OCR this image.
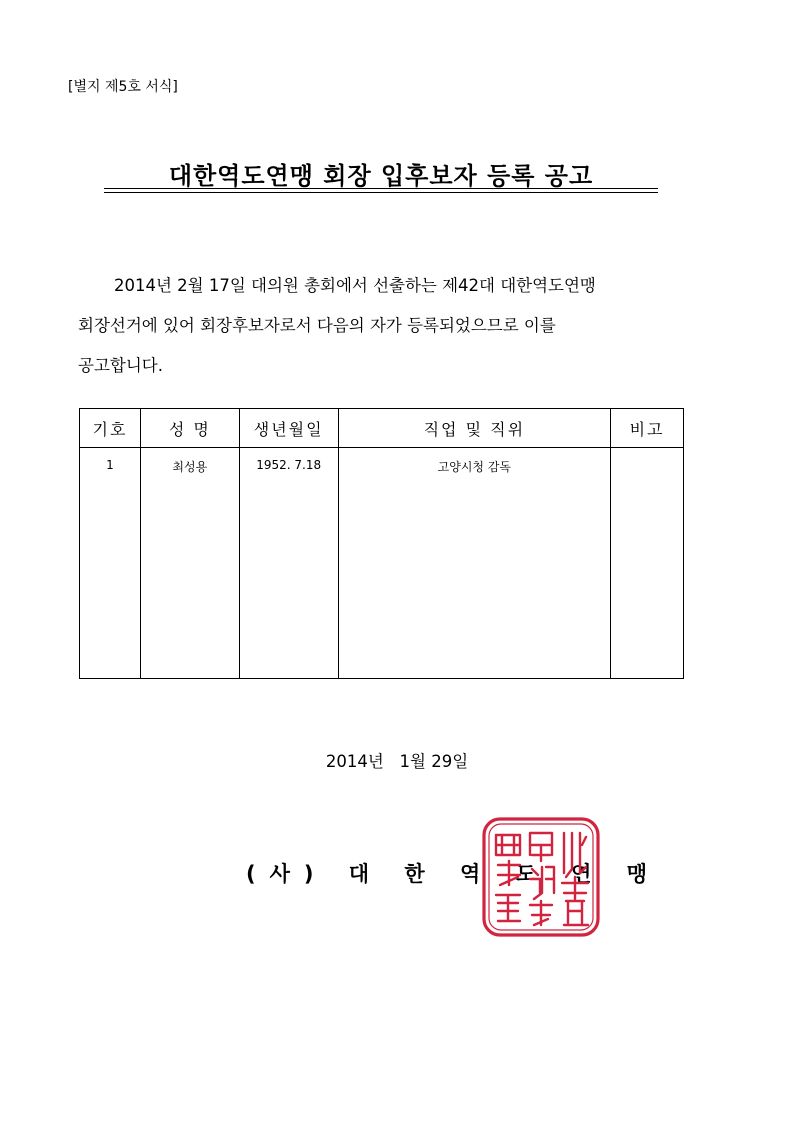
[별지 제5호 서식]
대한역도연맹 회장 입후보자 등록 공고
2014년 2월 17일 대의원 총회에서 선출하는 제42대 대한역도연맹
회장선거에 있어 회장후보자로서 다음의 자가 등록되었으므로 이를
공고합니다.
기호	성 명	생년월일	직업 및 직위	비고
1	최성용	1952. 7.18	고양시청 감독	
2014년   1월 29일
(사) 대 한 역 도 연 맹
